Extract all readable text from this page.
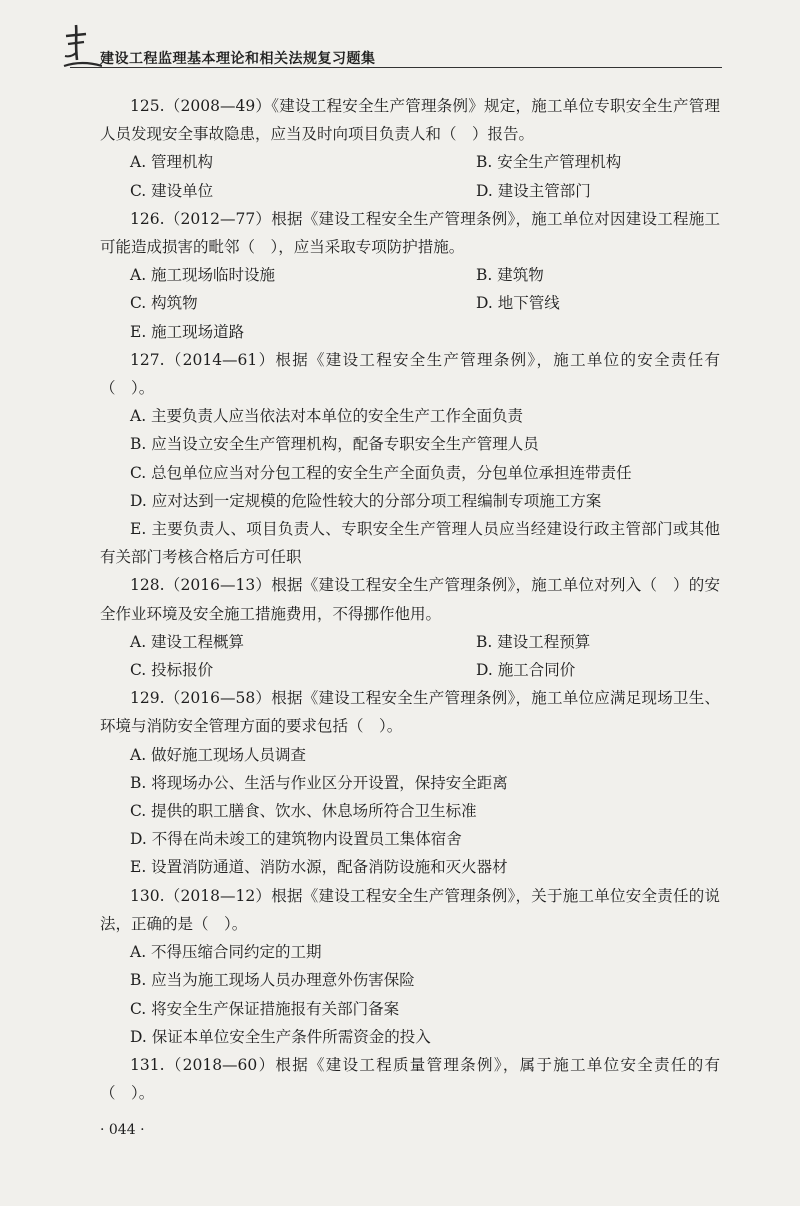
建设工程监理基本理论和相关法规复习题集

125.（2008—49）《建设工程安全生产管理条例》规定，施工单位专职安全生产管理人员发现安全事故隐患，应当及时向项目负责人和（　）报告。

A. 管理机构	B. 安全生产管理机构
C. 建设单位	D. 建设主管部门

126.（2012—77）根据《建设工程安全生产管理条例》，施工单位对因建设工程施工可能造成损害的毗邻（　），应当采取专项防护措施。

A. 施工现场临时设施	B. 建筑物
C. 构筑物	D. 地下管线

E. 施工现场道路

127.（2014—61）根据《建设工程安全生产管理条例》，施工单位的安全责任有（　）。

A. 主要负责人应当依法对本单位的安全生产工作全面负责

B. 应当设立安全生产管理机构，配备专职安全生产管理人员

C. 总包单位应当对分包工程的安全生产全面负责，分包单位承担连带责任

D. 应对达到一定规模的危险性较大的分部分项工程编制专项施工方案

E. 主要负责人、项目负责人、专职安全生产管理人员应当经建设行政主管部门或其他有关部门考核合格后方可任职

128.（2016—13）根据《建设工程安全生产管理条例》，施工单位对列入（　）的安全作业环境及安全施工措施费用，不得挪作他用。

A. 建设工程概算	B. 建设工程预算
C. 投标报价	D. 施工合同价

129.（2016—58）根据《建设工程安全生产管理条例》，施工单位应满足现场卫生、环境与消防安全管理方面的要求包括（　）。

A. 做好施工现场人员调查

B. 将现场办公、生活与作业区分开设置，保持安全距离

C. 提供的职工膳食、饮水、休息场所符合卫生标准

D. 不得在尚未竣工的建筑物内设置员工集体宿舍

E. 设置消防通道、消防水源，配备消防设施和灭火器材

130.（2018—12）根据《建设工程安全生产管理条例》，关于施工单位安全责任的说法，正确的是（　）。

A. 不得压缩合同约定的工期

B. 应当为施工现场人员办理意外伤害保险

C. 将安全生产保证措施报有关部门备案

D. 保证本单位安全生产条件所需资金的投入

131.（2018—60）根据《建设工程质量管理条例》，属于施工单位安全责任的有（　）。

· 044 ·
